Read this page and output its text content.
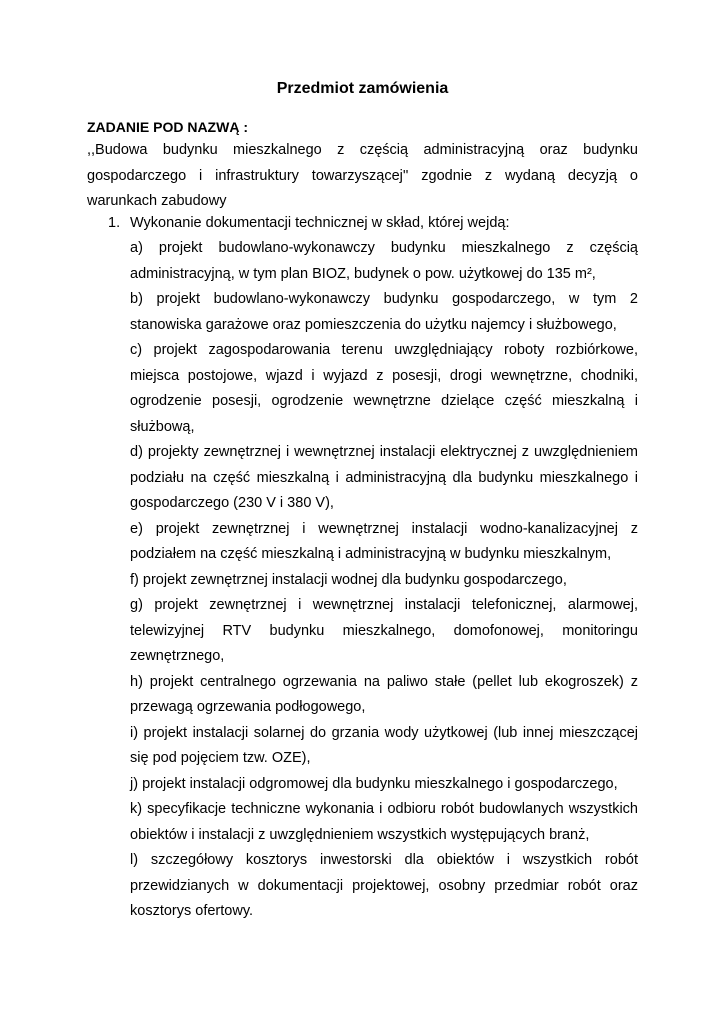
Przedmiot zamówienia
ZADANIE POD NAZWĄ :
,,Budowa budynku mieszkalnego z częścią administracyjną oraz budynku gospodarczego i infrastruktury towarzyszącej'' zgodnie z wydaną decyzją o warunkach zabudowy
1. Wykonanie dokumentacji technicznej w skład, której wejdą:

a) projekt budowlano-wykonawczy budynku mieszkalnego z częścią administracyjną, w tym plan BIOZ, budynek o pow. użytkowej do 135 m²,

b) projekt budowlano-wykonawczy budynku gospodarczego, w tym 2 stanowiska garażowe oraz pomieszczenia do użytku najemcy i służbowego,

c) projekt zagospodarowania terenu uwzględniający roboty rozbiórkowe, miejsca postojowe, wjazd i wyjazd z posesji, drogi wewnętrzne, chodniki, ogrodzenie posesji, ogrodzenie wewnętrzne dzielące część mieszkalną i służbową,

d) projekty zewnętrznej i wewnętrznej instalacji elektrycznej z uwzględnieniem podziału na część mieszkalną i administracyjną dla budynku mieszkalnego i gospodarczego (230 V i 380 V),

e) projekt zewnętrznej i wewnętrznej instalacji wodno-kanalizacyjnej z podziałem na część mieszkalną i administracyjną w budynku mieszkalnym,

f) projekt zewnętrznej instalacji wodnej dla budynku gospodarczego,

g) projekt zewnętrznej i wewnętrznej instalacji telefonicznej, alarmowej, telewizyjnej RTV budynku mieszkalnego, domofonowej, monitoringu zewnętrznego,

h) projekt centralnego ogrzewania na paliwo stałe (pellet lub ekogroszek) z przewagą ogrzewania podłogowego,

i) projekt instalacji solarnej do grzania wody użytkowej (lub innej mieszczącej się pod pojęciem tzw. OZE),

j) projekt instalacji odgromowej dla budynku mieszkalnego i gospodarczego,

k) specyfikacje techniczne wykonania i odbioru robót budowlanych wszystkich obiektów i instalacji z uwzględnieniem wszystkich występujących branż,

l) szczegółowy kosztorys inwestorski dla obiektów i wszystkich robót przewidzianych w dokumentacji projektowej, osobny przedmiar robót oraz kosztorys ofertowy.
